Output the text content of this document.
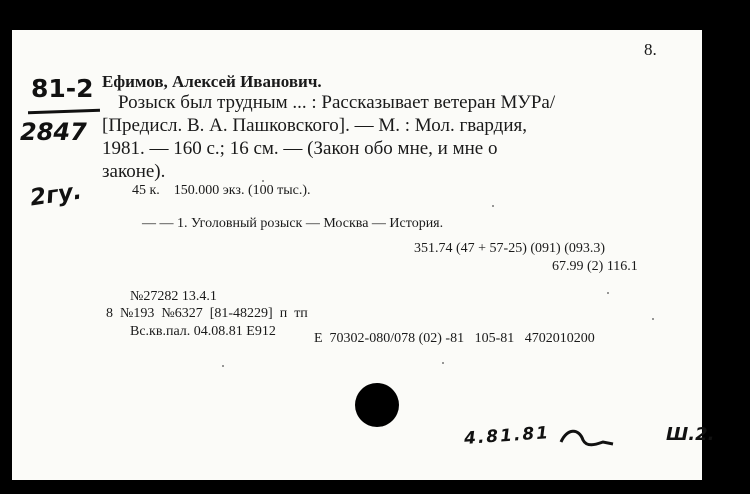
8.
81-2
2847
2гу.
Ефимов, Алексей Иванович.
Розыск был трудным ... : Рассказывает ветеран МУРа/
[Предисл. В. А. Пашковского]. — М. : Мол. гвардия,
1981. — 160 с.; 16 см. — (Закон обо мне, и мне о
законе).
45 к.    150.000 экз. (100 тыс.).
— — 1. Уголовный розыск — Москва — История.
351.74 (47 + 57-25) (091) (093.3)
67.99 (2) 116.1
№27282 13.4.1
8  №193  №6327  [81-48229]  п  тп
Вс.кв.пал. 04.08.81 Е912	Е  70302-080/078 (02) -81   105-81   4702010200
4.81.81	Ш.2.
